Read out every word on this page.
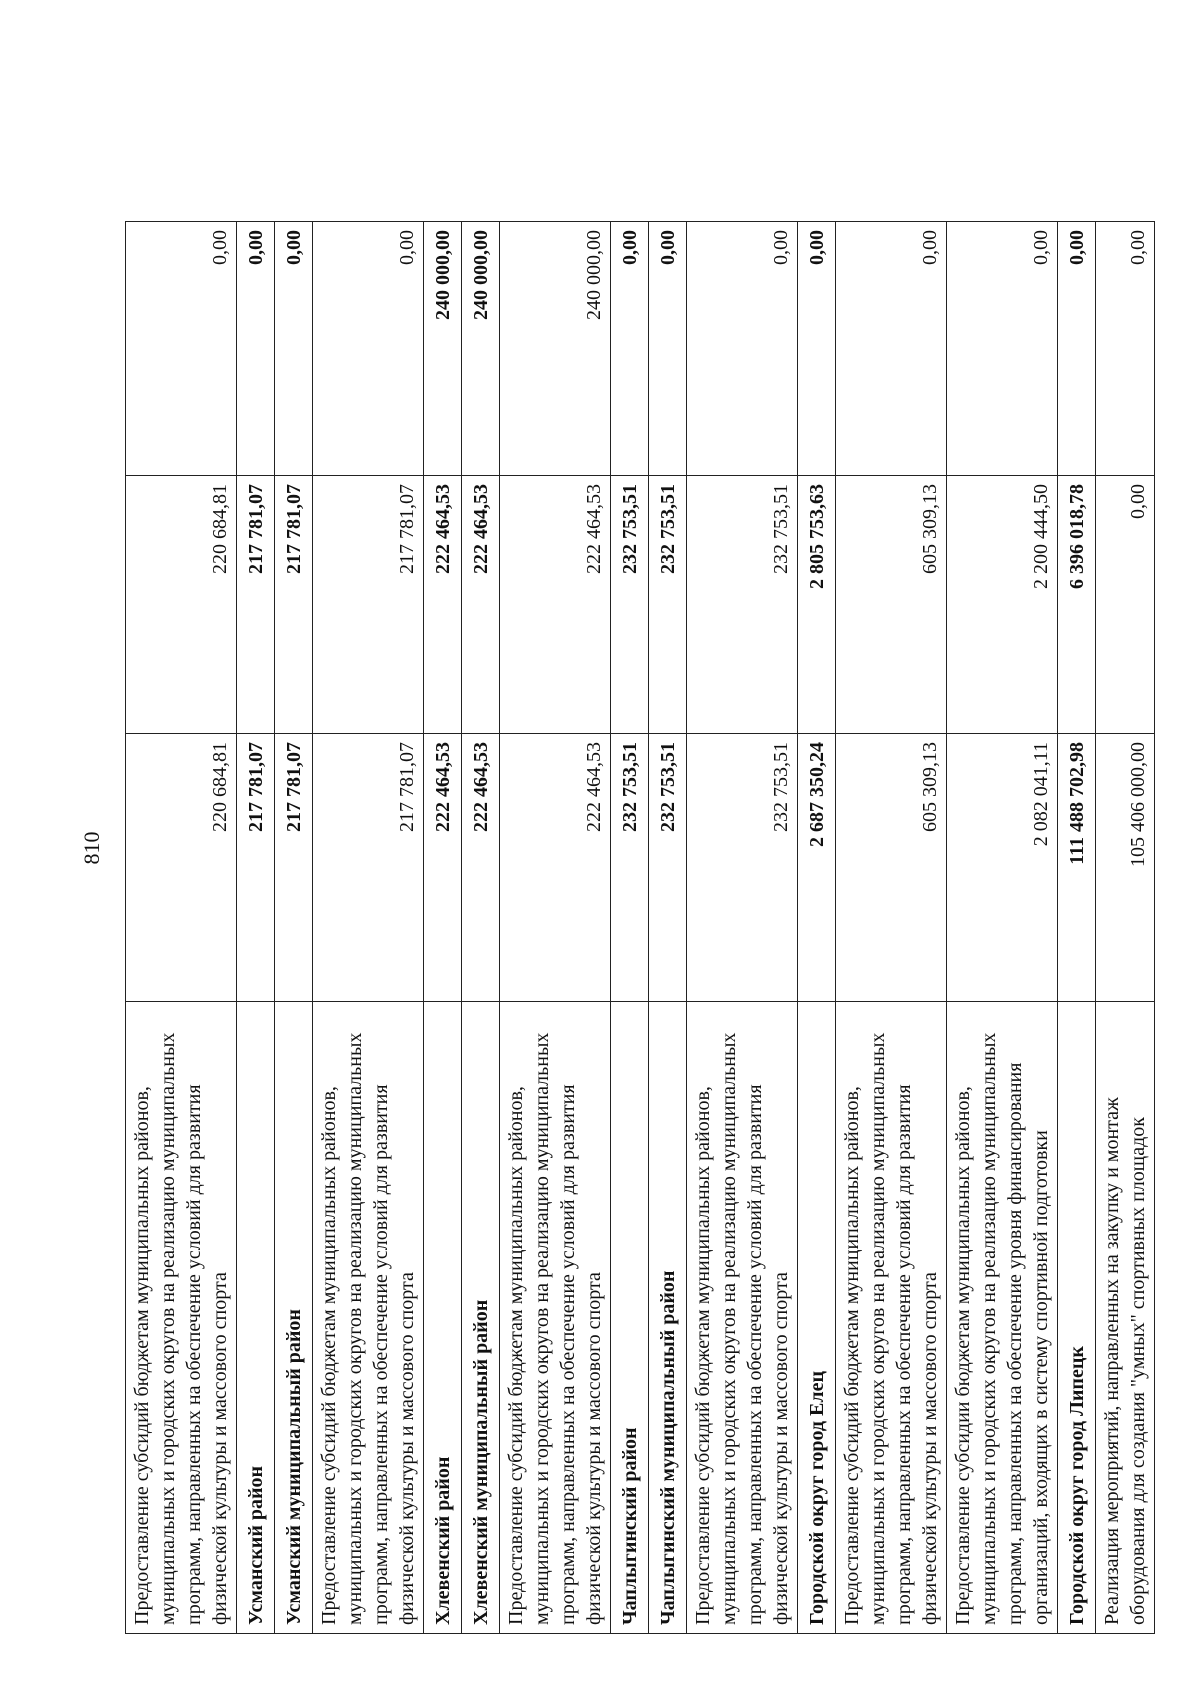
810
Предоставление субсидий бюджетам муниципальных районов, муниципальных и городских округов на реализацию муниципальных программ, направленных на обеспечение условий для развития физической культуры и массового спорта	220 684,81	220 684,81	0,00
Усманский район	217 781,07	217 781,07	0,00
Усманский муниципальный район	217 781,07	217 781,07	0,00
Предоставление субсидий бюджетам муниципальных районов, муниципальных и городских округов на реализацию муниципальных программ, направленных на обеспечение условий для развития физической культуры и массового спорта	217 781,07	217 781,07	0,00
Хлевенский район	222 464,53	222 464,53	240 000,00
Хлевенский муниципальный район	222 464,53	222 464,53	240 000,00
Предоставление субсидий бюджетам муниципальных районов, муниципальных и городских округов на реализацию муниципальных программ, направленных на обеспечение условий для развития физической культуры и массового спорта	222 464,53	222 464,53	240 000,00
Чаплыгинский район	232 753,51	232 753,51	0,00
Чаплыгинский муниципальный район	232 753,51	232 753,51	0,00
Предоставление субсидий бюджетам муниципальных районов, муниципальных и городских округов на реализацию муниципальных программ, направленных на обеспечение условий для развития физической культуры и массового спорта	232 753,51	232 753,51	0,00
Городской округ город Елец	2 687 350,24	2 805 753,63	0,00
Предоставление субсидий бюджетам муниципальных районов, муниципальных и городских округов на реализацию муниципальных программ, направленных на обеспечение условий для развития физической культуры и массового спорта	605 309,13	605 309,13	0,00
Предоставление субсидии бюджетам муниципальных районов, муниципальных и городских округов на реализацию муниципальных программ, направленных на обеспечение уровня финансирования организаций, входящих в систему спортивной подготовки	2 082 041,11	2 200 444,50	0,00
Городской округ город Липецк	111 488 702,98	6 396 018,78	0,00
Реализация мероприятий, направленных на закупку и монтаж оборудования для создания "умных" спортивных площадок	105 406 000,00	0,00	0,00
